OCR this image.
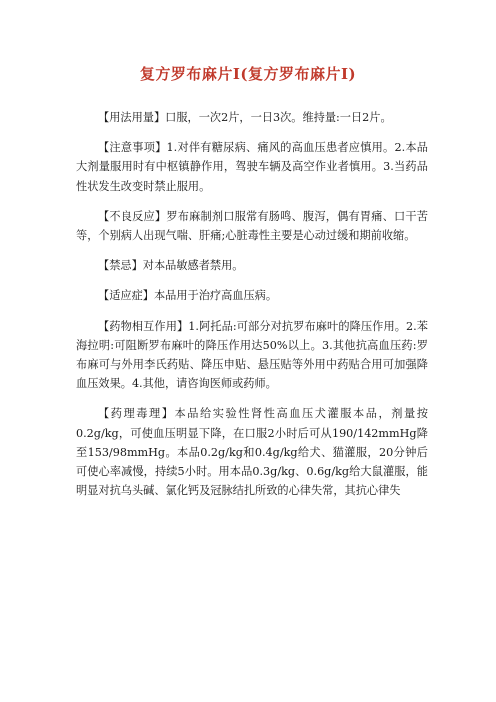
复方罗布麻片Ⅰ(复方罗布麻片Ⅰ)

【用法用量】口服，一次2片，一日3次。维持量:一日2片。

【注意事项】1.对伴有糖尿病、痛风的高血压患者应慎用。2.本品大剂量服用时有中枢镇静作用，驾驶车辆及高空作业者慎用。3.当药品性状发生改变时禁止服用。

【不良反应】罗布麻制剂口服常有肠鸣、腹泻，偶有胃痛、口干苦等，个别病人出现气喘、肝痛;心脏毒性主要是心动过缓和期前收缩。

【禁忌】对本品敏感者禁用。

【适应症】本品用于治疗高血压病。

【药物相互作用】1.阿托品:可部分对抗罗布麻叶的降压作用。2.苯海拉明:可阻断罗布麻叶的降压作用达50%以上。3.其他抗高血压药:罗布麻可与外用李氏药贴、降压申贴、悬压贴等外用中药贴合用可加强降血压效果。4.其他，请咨询医师或药师。

【药理毒理】本品给实验性肾性高血压犬灌服本品，剂量按0.2g/kg，可使血压明显下降，在口服2小时后可从190/142mmHg降至153/98mmHg。本品0.2g/kg和0.4g/kg给犬、猫灌服，20分钟后可使心率减慢，持续5小时。用本品0.3g/kg、0.6g/kg给大鼠灌服，能明显对抗乌头碱、氯化钙及冠脉结扎所致的心律失常，其抗心律失
